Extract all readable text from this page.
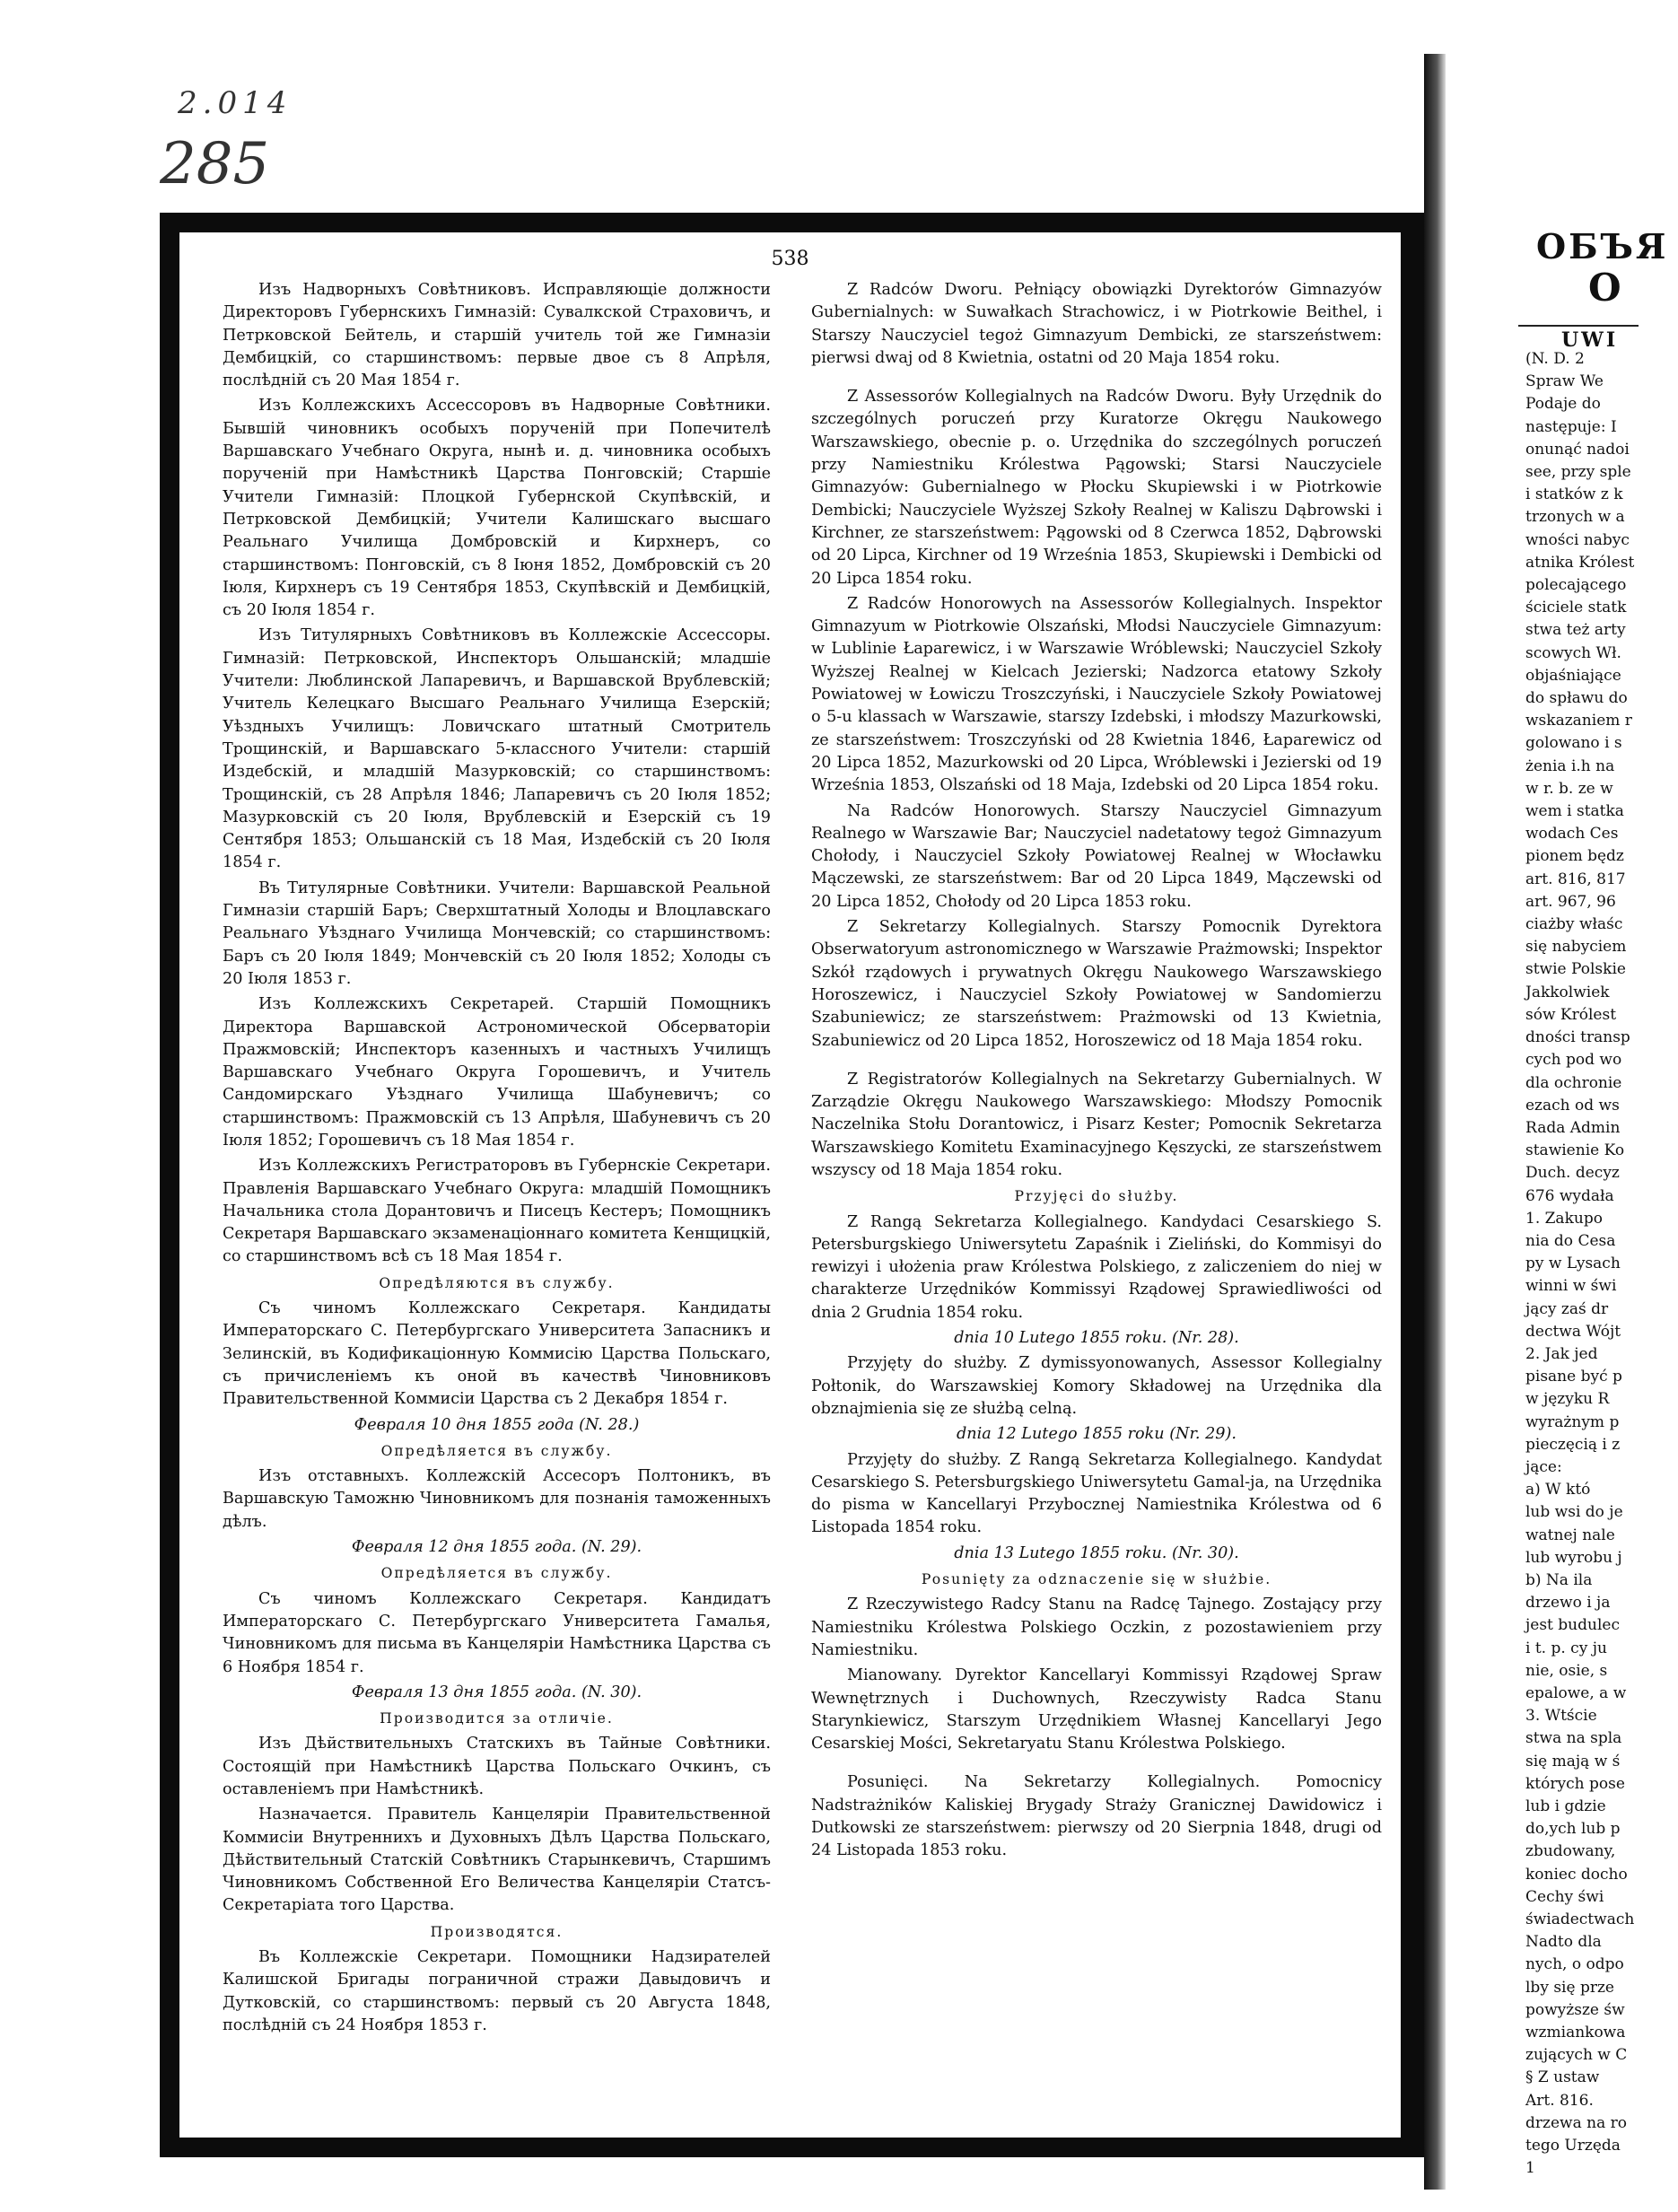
2.014
285
538

Изъ Надворныхъ Совѣтниковъ. Исправляющіе должности Директоровъ Губернскихъ Гимназій: Сувалкской Страховичъ, и Петрковской Бейтель, и старшій учитель той же Гимназіи Дембицкій, со старшинствомъ: первые двое съ 8 Апрѣля, послѣдній съ 20 Мая 1854 г.

Изъ Коллежскихъ Ассессоровъ въ Надворные Совѣтники. Бывшій чиновникъ особыхъ порученій при Попечителѣ Варшавскаго Учебнаго Округа, нынѣ и. д. чиновника особыхъ порученій при Намѣстникѣ Царства Понговскій; Старшіе Учители Гимназій: Плоцкой Губернской Скупѣвскій, и Петрковской Дембицкій; Учители Калишскаго высшаго Реальнаго Училища Домбровскій и Кирхнеръ, со старшинствомъ: Понговскій, съ 8 Іюня 1852, Домбровскій съ 20 Іюля, Кирхнеръ съ 19 Сентября 1853, Скупѣвскій и Дембицкій, съ 20 Іюля 1854 г.

Изъ Титулярныхъ Совѣтниковъ въ Коллежскіе Ассессоры. Гимназій: Петрковской, Инспекторъ Ольшанскій; младшіе Учители: Люблинской Лапаревичъ, и Варшавской Врублевскій; Учитель Келецкаго Высшаго Реальнаго Училища Езерскій; Уѣздныхъ Училищъ: Ловичскаго штатный Смотритель Трощинскій, и Варшавскаго 5-классного Учители: старшій Издебскій, и младшій Мазурковскій; со старшинствомъ: Трощинскій, съ 28 Апрѣля 1846; Лапаревичъ съ 20 Іюля 1852; Мазурковскій съ 20 Іюля, Врублевскій и Езерскій съ 19 Сентября 1853; Ольшанскій съ 18 Мая, Издебскій съ 20 Іюля 1854 г.

Въ Титулярные Совѣтники. Учители: Варшавской Реальной Гимназіи старшій Баръ; Сверхштатный Холоды и Влоцлавскаго Реальнаго Уѣзднаго Училища Мончевскій; со старшинствомъ: Баръ съ 20 Іюля 1849; Мончевскій съ 20 Іюля 1852; Холоды съ 20 Іюля 1853 г.

Изъ Коллежскихъ Секретарей. Старшій Помощникъ Директора Варшавской Астрономической Обсерваторіи Пражмовскій; Инспекторъ казенныхъ и частныхъ Училищъ Варшавскаго Учебнаго Округа Горошевичъ, и Учитель Сандомирскаго Уѣзднаго Училища Шабуневичъ; со старшинствомъ: Пражмовскій съ 13 Апрѣля, Шабуневичъ съ 20 Іюля 1852; Горошевичъ съ 18 Мая 1854 г.

Изъ Коллежскихъ Регистраторовъ въ Губернскіе Секретари. Правленія Варшавскаго Учебнаго Округа: младшій Помощникъ Начальника стола Дорантовичъ и Писецъ Кестеръ; Помощникъ Секретаря Варшавскаго экзаменаціоннаго комитета Кенщицкій, со старшинствомъ всѣ съ 18 Мая 1854 г.

Опредѣляются въ службу.

Съ чиномъ Коллежскаго Секретаря. Кандидаты Императорскаго С. Петербургскаго Университета Запасникъ и Зелинскій, въ Кодификаціонную Коммисію Царства Польскаго, съ причисленіемъ къ оной въ качествѣ Чиновниковъ Правительственной Коммисіи Царства съ 2 Декабря 1854 г.

Февраля 10 дня 1855 года (N. 28.)

Опредѣляется въ службу.

Изъ отставныхъ. Коллежскій Ассесоръ Полтоникъ, въ Варшавскую Таможню Чиновникомъ для познанія таможенныхъ дѣлъ.

Февраля 12 дня 1855 года. (N. 29).

Опредѣляется въ службу.

Съ чиномъ Коллежскаго Секретаря. Кандидатъ Императорскаго С. Петербургскаго Университета Гамалья, Чиновникомъ для письма въ Канцеляріи Намѣстника Царства съ 6 Ноября 1854 г.

Февраля 13 дня 1855 года. (N. 30).

Производится за отличіе.

Изъ Дѣйствительныхъ Статскихъ въ Тайные Совѣтники. Состоящій при Намѣстникѣ Царства Польскаго Очкинъ, съ оставленіемъ при Намѣстникѣ.

Назначается. Правитель Канцеляріи Правительственной Коммисіи Внутреннихъ и Духовныхъ Дѣлъ Царства Польскаго, Дѣйствительный Статскій Совѣтникъ Старынкевичъ, Старшимъ Чиновникомъ Собственной Его Величества Канцеляріи Статсъ-Секретаріата того Царства.

Производятся.

Въ Коллежскіе Секретари. Помощники Надзирателей Калишской Бригады пограничной стражи Давыдовичъ и Дутковскій, со старшинствомъ: первый съ 20 Августа 1848, послѣдній съ 24 Ноября 1853 г.

Z Radców Dworu. Pełniący obowiązki Dyrektorów Gimnazyów Gubernialnych: w Suwałkach Strachowicz, i w Piotrkowie Beithel, i Starszy Nauczyciel tegoż Gimnazyum Dembicki, ze starszeństwem: pierwsi dwaj od 8 Kwietnia, ostatni od 20 Maja 1854 roku.

Z Assessorów Kollegialnych na Radców Dworu. Były Urzędnik do szczególnych poruczeń przy Kuratorze Okręgu Naukowego Warszawskiego, obecnie p. o. Urzędnika do szczególnych poruczeń przy Namiestniku Królestwa Pągowski; Starsi Nauczyciele Gimnazyów: Gubernialnego w Płocku Skupiewski i w Piotrkowie Dembicki; Nauczyciele Wyższej Szkoły Realnej w Kaliszu Dąbrowski i Kirchner, ze starszeństwem: Pągowski od 8 Czerwca 1852, Dąbrowski od 20 Lipca, Kirchner od 19 Września 1853, Skupiewski i Dembicki od 20 Lipca 1854 roku.

Z Radców Honorowych na Assessorów Kollegialnych. Inspektor Gimnazyum w Piotrkowie Olszański, Młodsi Nauczyciele Gimnazyum: w Lublinie Łaparewicz, i w Warszawie Wróblewski; Nauczyciel Szkoły Wyższej Realnej w Kielcach Jezierski; Nadzorca etatowy Szkoły Powiatowej w Łowiczu Troszczyński, i Nauczyciele Szkoły Powiatowej o 5-u klassach w Warszawie, starszy Izdebski, i młodszy Mazurkowski, ze starszeństwem: Troszczyński od 28 Kwietnia 1846, Łaparewicz od 20 Lipca 1852, Mazurkowski od 20 Lipca, Wróblewski i Jezierski od 19 Września 1853, Olszański od 18 Maja, Izdebski od 20 Lipca 1854 roku.

Na Radców Honorowych. Starszy Nauczyciel Gimnazyum Realnego w Warszawie Bar; Nauczyciel nadetatowy tegoż Gimnazyum Chołody, i Nauczyciel Szkoły Powiatowej Realnej w Włocławku Mączewski, ze starszeństwem: Bar od 20 Lipca 1849, Mączewski od 20 Lipca 1852, Chołody od 20 Lipca 1853 roku.

Z Sekretarzy Kollegialnych. Starszy Pomocnik Dyrektora Obserwatoryum astronomicznego w Warszawie Prażmowski; Inspektor Szkół rządowych i prywatnych Okręgu Naukowego Warszawskiego Horoszewicz, i Nauczyciel Szkoły Powiatowej w Sandomierzu Szabuniewicz; ze starszeństwem: Prażmowski od 13 Kwietnia, Szabuniewicz od 20 Lipca 1852, Horoszewicz od 18 Maja 1854 roku.

Z Registratorów Kollegialnych na Sekretarzy Gubernialnych. W Zarządzie Okręgu Naukowego Warszawskiego: Młodszy Pomocnik Naczelnika Stołu Dorantowicz, i Pisarz Kester; Pomocnik Sekretarza Warszawskiego Komitetu Examinacyjnego Kęszycki, ze starszeństwem wszyscy od 18 Maja 1854 roku.

Przyjęci do służby.

Z Rangą Sekretarza Kollegialnego. Kandydaci Cesarskiego S. Petersburgskiego Uniwersytetu Zapaśnik i Zieliński, do Kommisyi do rewizyi i ułożenia praw Królestwa Polskiego, z zaliczeniem do niej w charakterze Urzędników Kommissyi Rządowej Sprawiedliwości od dnia 2 Grudnia 1854 roku.

dnia 10 Lutego 1855 roku. (Nr. 28).

Przyjęty do służby. Z dymissyonowanych, Assessor Kollegialny Połtonik, do Warszawskiej Komory Składowej na Urzędnika dla obznajmienia się ze służbą celną.

dnia 12 Lutego 1855 roku (Nr. 29).

Przyjęty do służby. Z Rangą Sekretarza Kollegialnego. Kandydat Cesarskiego S. Petersburgskiego Uniwersytetu Gamal-ja, na Urzędnika do pisma w Kancellaryi Przybocznej Namiestnika Królestwa od 6 Listopada 1854 roku.

dnia 13 Lutego 1855 roku. (Nr. 30).

Posunięty za odznaczenie się w służbie.

Z Rzeczywistego Radcy Stanu na Radcę Tajnego. Zostający przy Namiestniku Królestwa Polskiego Oczkin, z pozostawieniem przy Namiestniku.

Mianowany. Dyrektor Kancellaryi Kommissyi Rządowej Spraw Wewnętrznych i Duchownych, Rzeczywisty Radca Stanu Starynkiewicz, Starszym Urzędnikiem Własnej Kancellaryi Jego Cesarskiej Mości, Sekretaryatu Stanu Królestwa Polskiego.

Posunięci. Na Sekretarzy Kollegialnych. Pomocnicy Nadstrażników Kaliskiej Brygady Straży Granicznej Dawidowicz i Dutkowski ze starszeństwem: pierwszy od 20 Sierpnia 1848, drugi od 24 Listopada 1853 roku.

ОБЪЯ
О
UWI
(N. D. 2
Spraw We
Podaje do
następuje: I
onunąć nadoi
see, przy sple
i statków z k
trzonych w a
wności nabyc
atnika Królest
polecającego
ściciele statk
stwa też arty
scowych Wł.
objaśniające
do spławu do
wskazaniem r
golowano i s
żenia i.h na
w r. b. ze w
wem i statka
wodach Ces
pionem będz
art. 816, 817
art. 967, 96
ciażby właśc
się nabyciem
stwie Polskie
Jakkolwiek
sów Królest
dności transp
cych pod wo
dla ochronie
ezach od ws
Rada Admin
stawienie Ko
Duch. decyz
676 wydała
1. Zakupo
nia do Cesa
py w Lysach
winni w świ
jący zaś dr
dectwa Wójt
2. Jak jed
pisane być p
w języku R
wyrażnym p
pieczęcią i z
jące:
a) W któ
lub wsi do je
watnej nale
lub wyrobu j
b) Na ila
drzewo i ja
jest budulec
i t. p. cy ju
nie, osie, s
epalowe, a w
3. Wtście
stwa na spla
się mają w ś
których pose
lub i gdzie
do,ych lub p
zbudowany,
koniec docho
Cechy świ
świadectwach
Nadto dla
nych, o odpo
lby się prze
powyższe św
wzmiankowa
zujących w C
§ Z ustaw
Art. 816.
drzewa na ro
tego Urzęda
1
